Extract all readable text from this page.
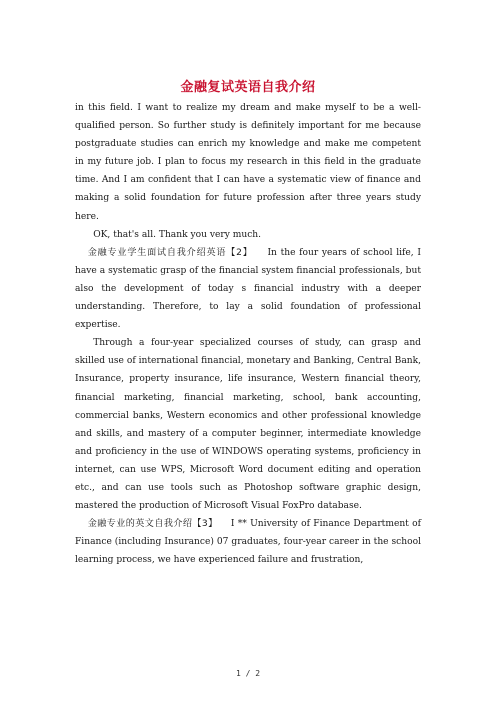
金融复试英语自我介绍

in this field. I want to realize my dream and make myself to be a well-qualified person. So further study is definitely important for me because postgraduate studies can enrich my knowledge and make me competent in my future job. I plan to focus my research in this field in the graduate time. And I am confident that I can have a systematic view of finance and making a solid foundation for future profession after three years study here.

OK, that's all. Thank you very much.

金融专业学生面试自我介绍英语【2】 In the four years of school life, I have a systematic grasp of the financial system financial professionals, but also the development of today s financial industry with a deeper understanding. Therefore, to lay a solid foundation of professional expertise.

Through a four-year specialized courses of study, can grasp and skilled use of international financial, monetary and Banking, Central Bank, Insurance, property insurance, life insurance, Western financial theory, financial marketing, financial marketing, school, bank accounting, commercial banks, Western economics and other professional knowledge and skills, and mastery of a computer beginner, intermediate knowledge and proficiency in the use of WINDOWS operating systems, proficiency in internet, can use WPS, Microsoft Word document editing and operation etc., and can use tools such as Photoshop software graphic design, mastered the production of Microsoft Visual FoxPro database.

金融专业的英文自我介绍【3】 I ** University of Finance Department of Finance (including Insurance) 07 graduates, four-year career in the school learning process, we have experienced failure and frustration,

1 / 2
